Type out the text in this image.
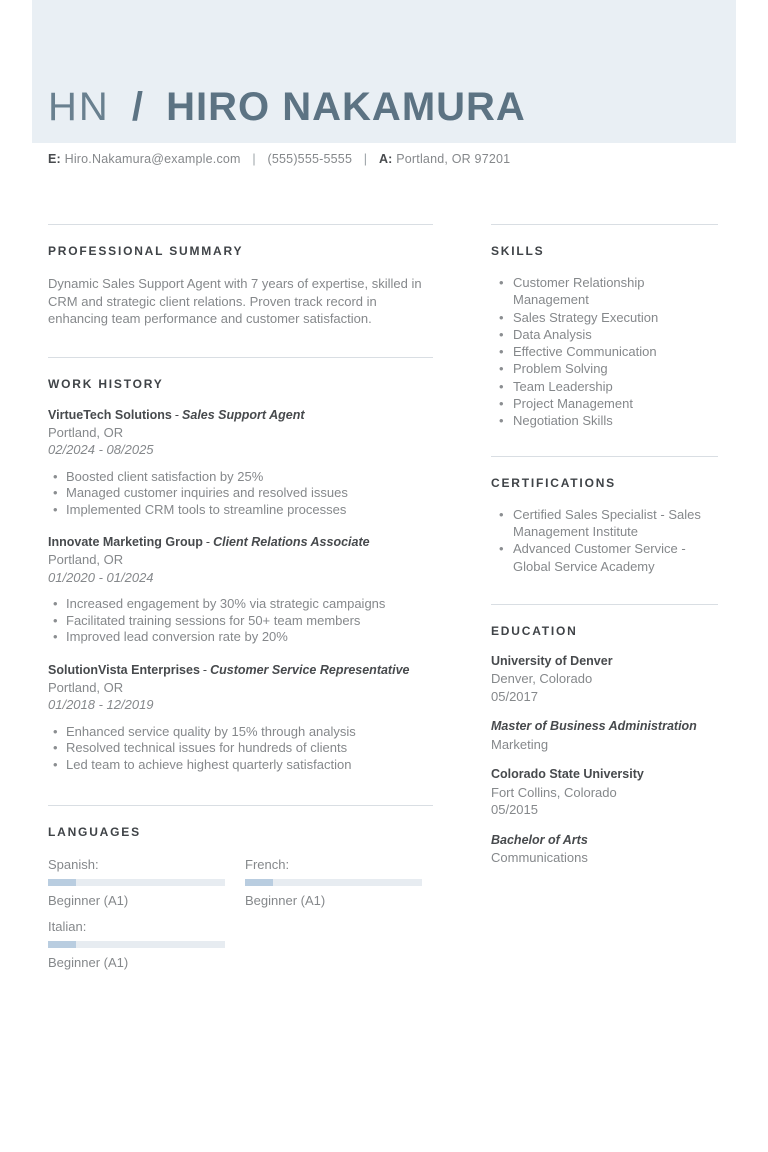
HN / HIRO NAKAMURA
E: Hiro.Nakamura@example.com | (555)555-5555 | A: Portland, OR 97201
PROFESSIONAL SUMMARY

Dynamic Sales Support Agent with 7 years of expertise, skilled in CRM and strategic client relations. Proven track record in enhancing team performance and customer satisfaction.

WORK HISTORY
VirtueTech Solutions - Sales Support Agent
Portland, OR
02/2024 - 08/2025
• Boosted client satisfaction by 25%
• Managed customer inquiries and resolved issues
• Implemented CRM tools to streamline processes
Innovate Marketing Group - Client Relations Associate
Portland, OR
01/2020 - 01/2024
• Increased engagement by 30% via strategic campaigns
• Facilitated training sessions for 50+ team members
• Improved lead conversion rate by 20%
SolutionVista Enterprises - Customer Service Representative
Portland, OR
01/2018 - 12/2019
• Enhanced service quality by 15% through analysis
• Resolved technical issues for hundreds of clients
• Led team to achieve highest quarterly satisfaction
LANGUAGES
Spanish:
Beginner (A1)
French:
Beginner (A1)
Italian:
Beginner (A1)
SKILLS
• Customer Relationship Management
• Sales Strategy Execution
• Data Analysis
• Effective Communication
• Problem Solving
• Team Leadership
• Project Management
• Negotiation Skills
CERTIFICATIONS
• Certified Sales Specialist - Sales Management Institute
• Advanced Customer Service - Global Service Academy
EDUCATION
University of Denver
Denver, Colorado
05/2017
Master of Business Administration
Marketing
Colorado State University
Fort Collins, Colorado
05/2015
Bachelor of Arts
Communications
